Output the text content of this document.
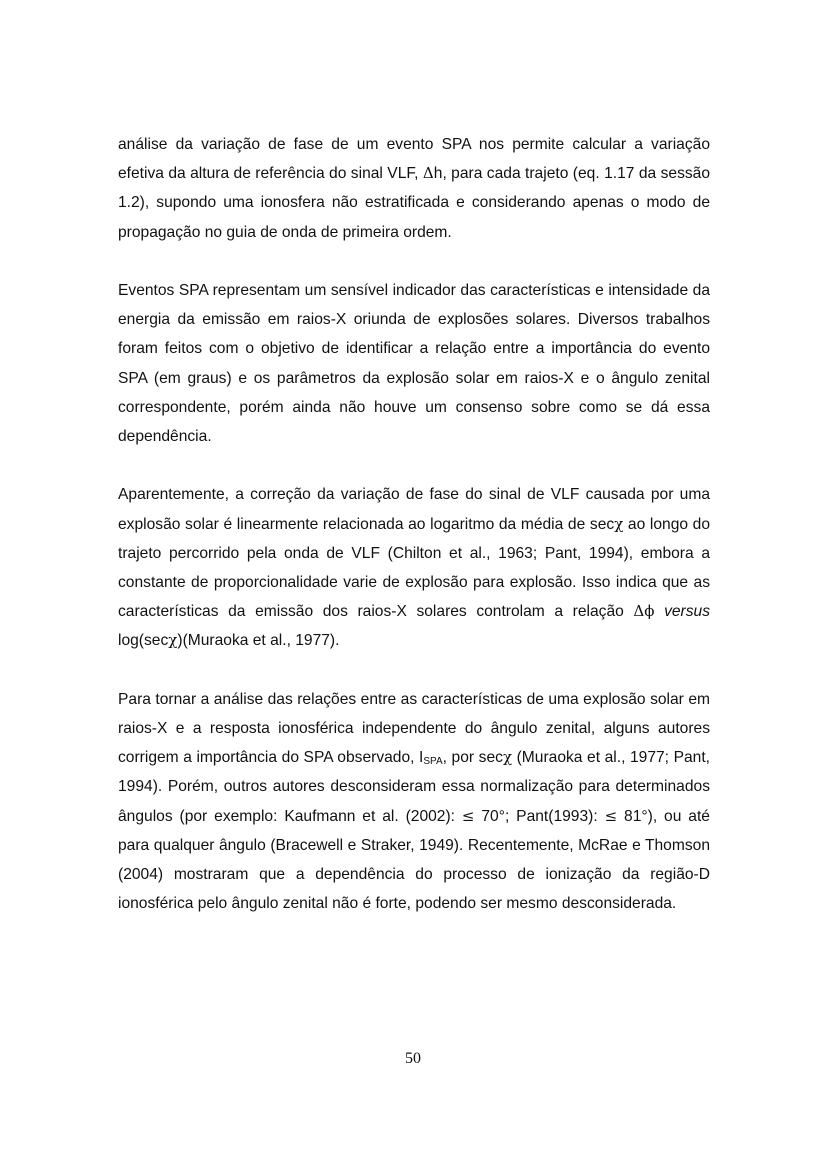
análise da variação de fase de um evento SPA nos permite calcular a variação efetiva da altura de referência do sinal VLF, Δh, para cada trajeto (eq. 1.17 da sessão 1.2), supondo uma ionosfera não estratificada e considerando apenas o modo de propagação no guia de onda de primeira ordem.

Eventos SPA representam um sensível indicador das características e intensidade da energia da emissão em raios-X oriunda de explosões solares. Diversos trabalhos foram feitos com o objetivo de identificar a relação entre a importância do evento SPA (em graus) e os parâmetros da explosão solar em raios-X e o ângulo zenital correspondente, porém ainda não houve um consenso sobre como se dá essa dependência.

Aparentemente, a correção da variação de fase do sinal de VLF causada por uma explosão solar é linearmente relacionada ao logaritmo da média de secχ ao longo do trajeto percorrido pela onda de VLF (Chilton et al., 1963; Pant, 1994), embora a constante de proporcionalidade varie de explosão para explosão. Isso indica que as características da emissão dos raios-X solares controlam a relação Δϕ versus log(secχ)(Muraoka et al., 1977).

Para tornar a análise das relações entre as características de uma explosão solar em raios-X e a resposta ionosférica independente do ângulo zenital, alguns autores corrigem a importância do SPA observado, $I_{SPA}$, por secχ (Muraoka et al., 1977; Pant, 1994). Porém, outros autores desconsideram essa normalização para determinados ângulos (por exemplo: Kaufmann et al. (2002): ≤ 70°; Pant(1993): ≤ 81°), ou até para qualquer ângulo (Bracewell e Straker, 1949). Recentemente, McRae e Thomson (2004) mostraram que a dependência do processo de ionização da região-D ionosférica pelo ângulo zenital não é forte, podendo ser mesmo desconsiderada.

50
